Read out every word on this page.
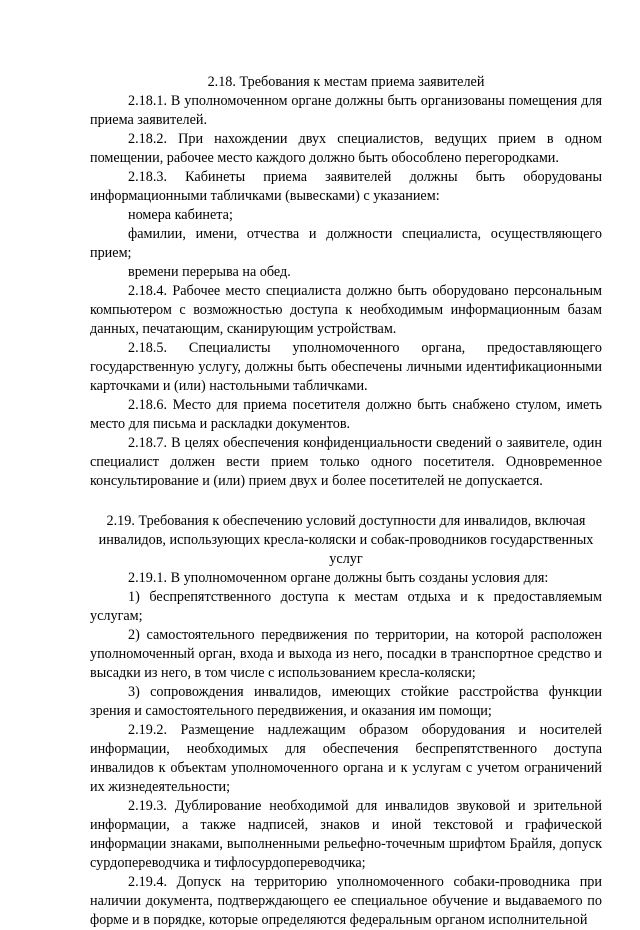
2.18. Требования к местам приема заявителей

2.18.1. В уполномоченном органе должны быть организованы помещения для приема заявителей.

2.18.2. При нахождении двух специалистов, ведущих прием в одном помещении, рабочее место каждого должно быть обособлено перегородками.

2.18.3. Кабинеты приема заявителей должны быть оборудованы информационными табличками (вывесками) с указанием:

номера кабинета;

фамилии, имени, отчества и должности специалиста, осуществляющего прием;

времени перерыва на обед.

2.18.4. Рабочее место специалиста должно быть оборудовано персональным компьютером с возможностью доступа к необходимым информационным базам данных, печатающим, сканирующим устройствам.

2.18.5. Специалисты уполномоченного органа, предоставляющего государственную услугу, должны быть обеспечены личными идентификационными карточками и (или) настольными табличками.

2.18.6. Место для приема посетителя должно быть снабжено стулом, иметь место для письма и раскладки документов.

2.18.7. В целях обеспечения конфиденциальности сведений о заявителе, один специалист должен вести прием только одного посетителя. Одновременное консультирование и (или) прием двух и более посетителей не допускается.

2.19. Требования к обеспечению условий доступности для инвалидов, включая инвалидов, использующих кресла-коляски и собак-проводников государственных услуг

2.19.1. В уполномоченном органе должны быть созданы условия для:

1) беспрепятственного доступа к местам отдыха и к предоставляемым услугам;

2) самостоятельного передвижения по территории, на которой расположен уполномоченный орган, входа и выхода из него, посадки в транспортное средство и высадки из него, в том числе с использованием кресла-коляски;

3) сопровождения инвалидов, имеющих стойкие расстройства функции зрения и самостоятельного передвижения, и оказания им помощи;

2.19.2. Размещение надлежащим образом оборудования и носителей информации, необходимых для обеспечения беспрепятственного доступа инвалидов к объектам уполномоченного органа и к услугам с учетом ограничений их жизнедеятельности;

2.19.3. Дублирование необходимой для инвалидов звуковой и зрительной информации, а также надписей, знаков и иной текстовой и графической информации знаками, выполненными рельефно-точечным шрифтом Брайля, допуск сурдопереводчика и тифлосурдопереводчика;

2.19.4. Допуск на территорию уполномоченного собаки-проводника при наличии документа, подтверждающего ее специальное обучение и выдаваемого по форме и в порядке, которые определяются федеральным органом исполнительной
